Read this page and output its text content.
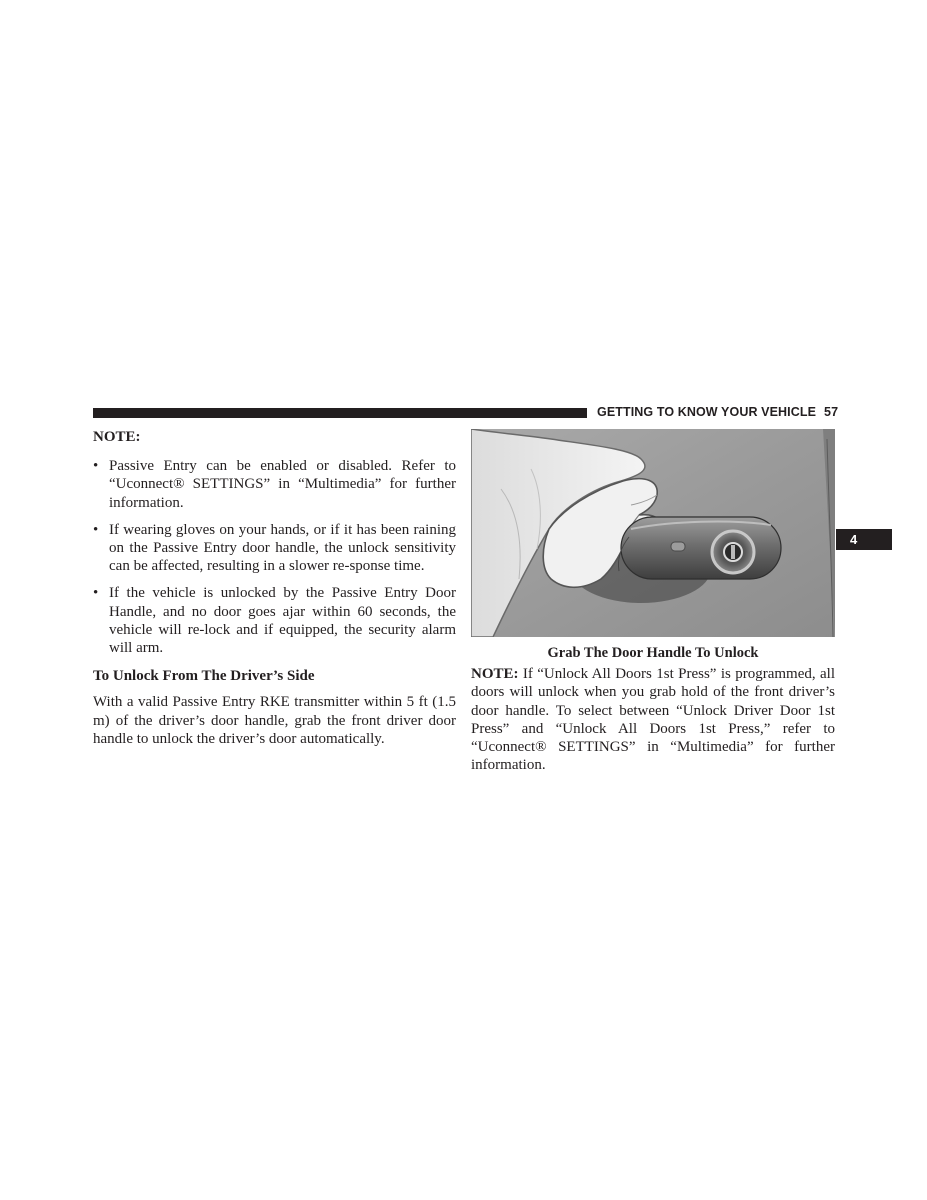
GETTING TO KNOW YOUR VEHICLE 57
4
NOTE:
• Passive Entry can be enabled or disabled. Refer to “Uconnect® SETTINGS” in “Multimedia” for further information.
• If wearing gloves on your hands, or if it has been raining on the Passive Entry door handle, the unlock sensitivity can be affected, resulting in a slower re-sponse time.
• If the vehicle is unlocked by the Passive Entry Door Handle, and no door goes ajar within 60 seconds, the vehicle will re-lock and if equipped, the security alarm will arm.
To Unlock From The Driver’s Side

With a valid Passive Entry RKE transmitter within 5 ft (1.5 m) of the driver’s door handle, grab the front driver door handle to unlock the driver’s door automatically.

Grab The Door Handle To Unlock

NOTE: If “Unlock All Doors 1st Press” is programmed, all doors will unlock when you grab hold of the front driver’s door handle. To select between “Unlock Driver Door 1st Press” and “Unlock All Doors 1st Press,” refer to “Uconnect® SETTINGS” in “Multimedia” for further information.
